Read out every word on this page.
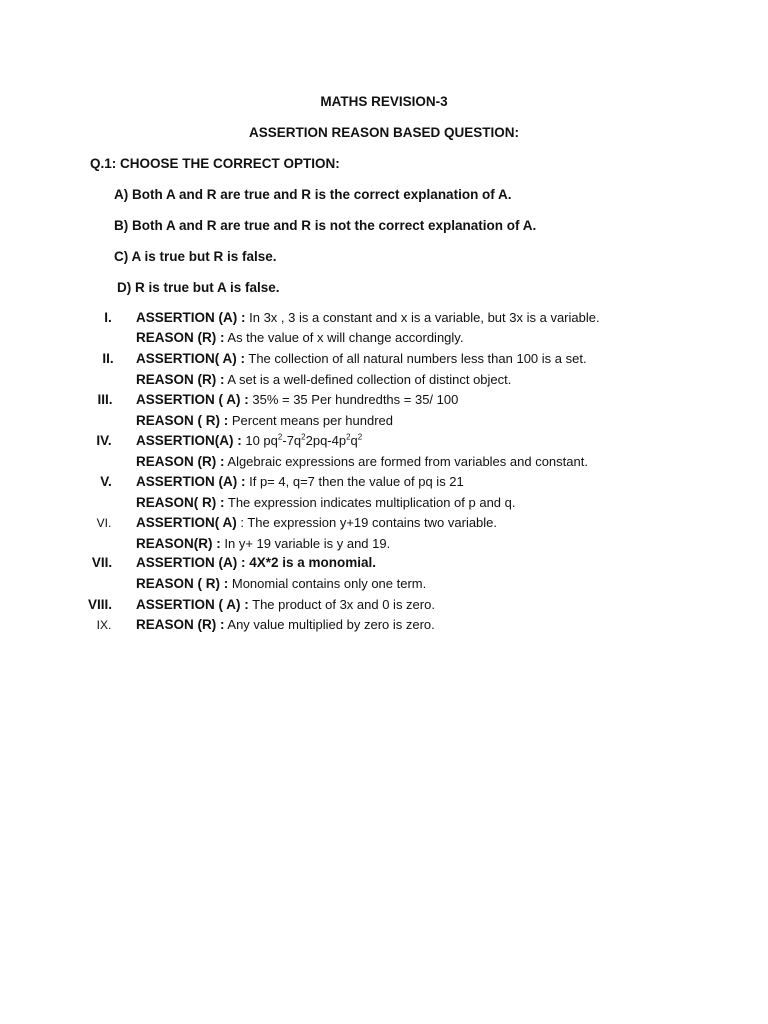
MATHS REVISION-3
ASSERTION REASON BASED QUESTION:
Q.1: CHOOSE THE CORRECT OPTION:
A) Both A and R are true and R is the correct explanation of A.
B) Both A and R are true and R is not the correct explanation of A.
C) A is true but R is false.
D) R is true but A is false.
I.	ASSERTION (A) : In 3x , 3 is a constant and x is a variable, but 3x is a variable.
REASON (R) : As the value of x will change accordingly.
II.	ASSERTION( A) : The collection of all natural numbers less than 100 is a set.
REASON (R) : A set is a well-defined collection of distinct object.
III.	ASSERTION ( A) : 35% = 35 Per hundredths = 35/ 100
REASON ( R) : Percent means per hundred
IV.	ASSERTION(A) : 10 $pq^2-7q^22pq-4p^2q^2$
REASON (R) : Algebraic expressions are formed from variables and constant.
V.	ASSERTION (A) : If p= 4, q=7 then the value of pq is 21
REASON( R) : The expression indicates multiplication of p and q.
VI.	ASSERTION( A) : The expression y+19 contains two variable.
REASON(R) : In y+ 19 variable is y and 19.
VII.	ASSERTION (A) : 4X*2 is a monomial.
REASON ( R) : Monomial contains only one term.
VIII.	ASSERTION ( A) : The product of 3x and 0 is zero.
IX.	REASON (R) : Any value multiplied by zero is zero.
